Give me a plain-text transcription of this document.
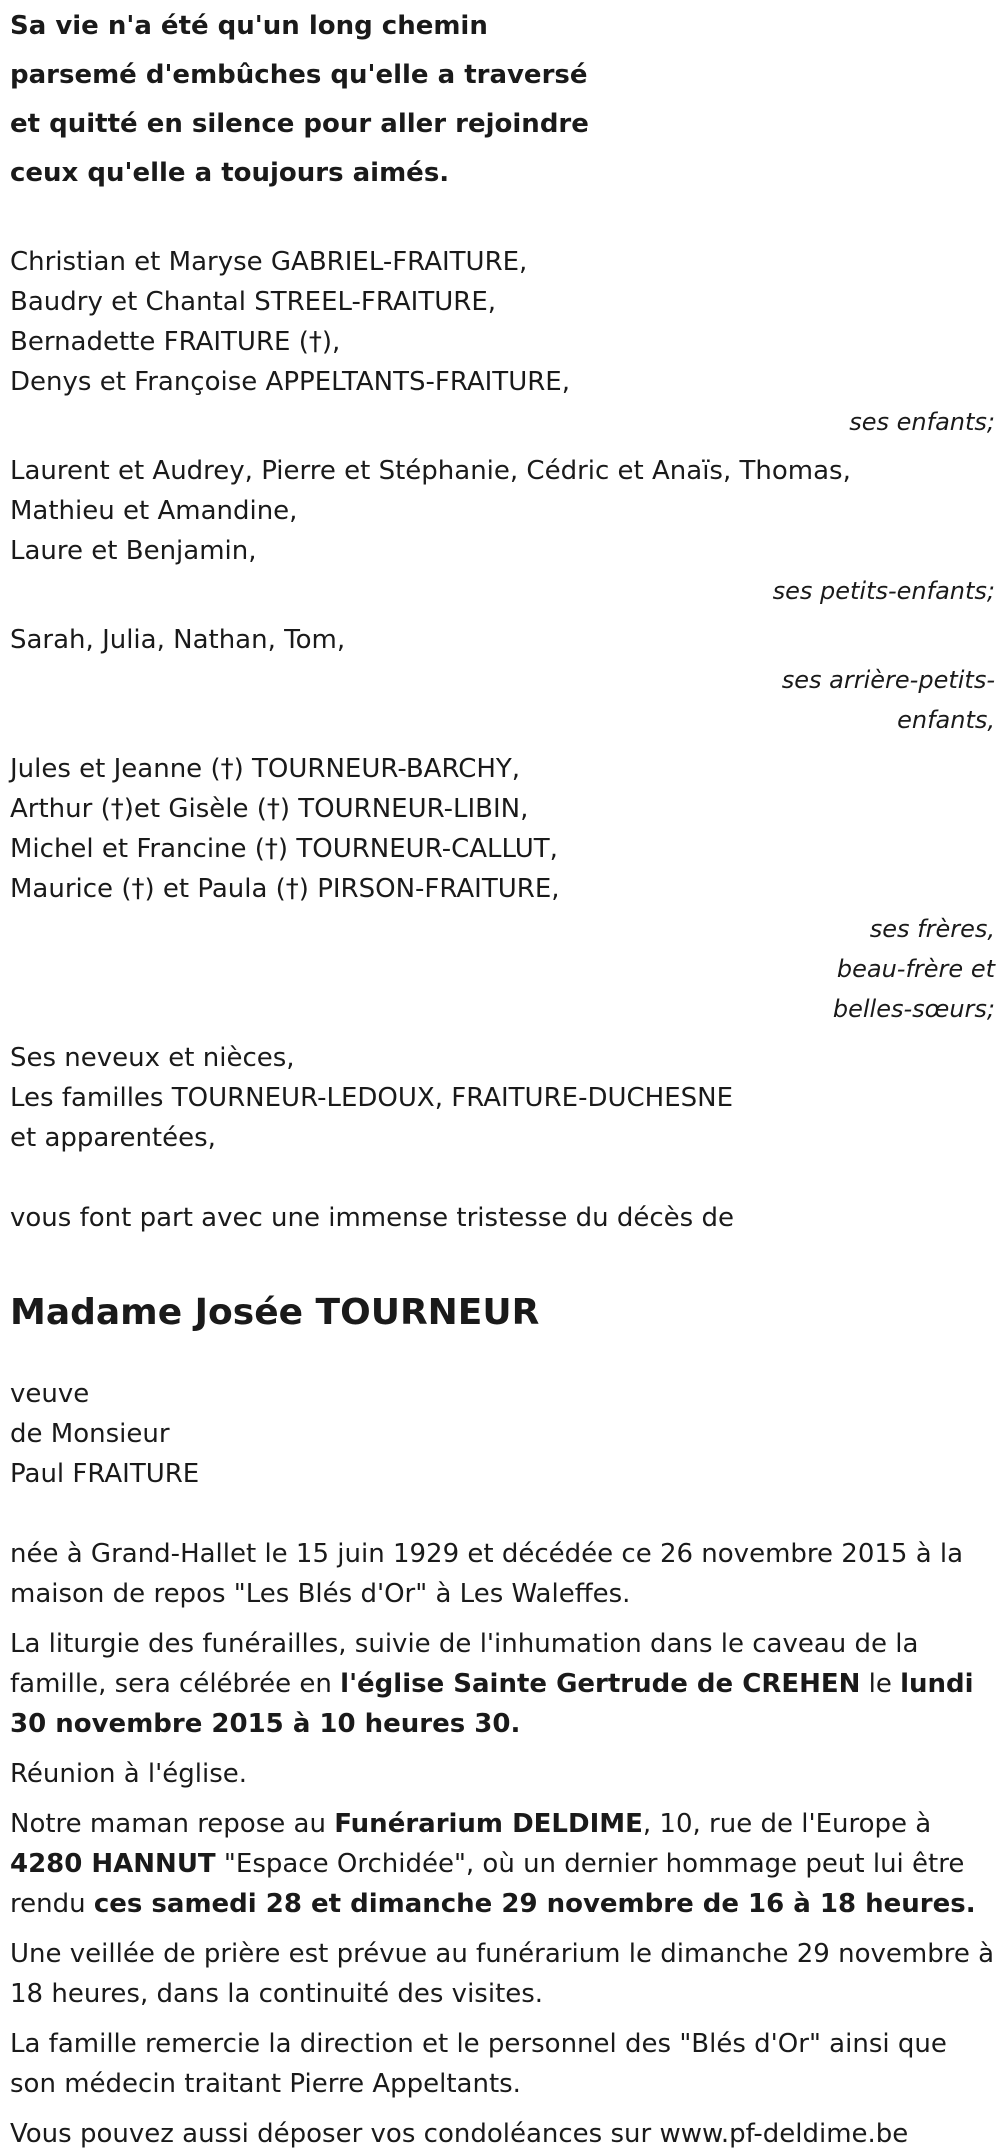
Sa vie n'a été qu'un long chemin
parsemé d'embûches qu'elle a traversé
et quitté en silence pour aller rejoindre
ceux qu'elle a toujours aimés.
Christian et Maryse GABRIEL-FRAITURE,
Baudry et Chantal STREEL-FRAITURE,
Bernadette FRAITURE (†),
Denys et Françoise APPELTANTS-FRAITURE,
ses enfants;
Laurent et Audrey, Pierre et Stéphanie, Cédric et Anaïs, Thomas,
Mathieu et Amandine,
Laure et Benjamin,
ses petits-enfants;
Sarah, Julia, Nathan, Tom,
ses arrière-petits-
enfants,
Jules et Jeanne (†) TOURNEUR-BARCHY,
Arthur (†)et Gisèle (†) TOURNEUR-LIBIN,
Michel et Francine (†) TOURNEUR-CALLUT,
Maurice (†) et Paula (†) PIRSON-FRAITURE,
ses frères,
beau-frère et
belles-sœurs;
Ses neveux et nièces,
Les familles TOURNEUR-LEDOUX, FRAITURE-DUCHESNE
et apparentées,
vous font part avec une immense tristesse du décès de
Madame Josée TOURNEUR
veuve
de Monsieur
Paul FRAITURE
née à Grand-Hallet le 15 juin 1929 et décédée ce 26 novembre 2015 à la maison de repos "Les Blés d'Or" à Les Waleffes.
La liturgie des funérailles, suivie de l'inhumation dans le caveau de la famille, sera célébrée en l'église Sainte Gertrude de CREHEN le lundi 30 novembre 2015 à 10 heures 30.
Réunion à l'église.
Notre maman repose au Funérarium DELDIME, 10, rue de l'Europe à 4280 HANNUT "Espace Orchidée", où un dernier hommage peut lui être rendu ces samedi 28 et dimanche 29 novembre de 16 à 18 heures.
Une veillée de prière est prévue au funérarium le dimanche 29 novembre à 18 heures, dans la continuité des visites.
La famille remercie la direction et le personnel des "Blés d'Or" ainsi que son médecin traitant Pierre Appeltants.
Vous pouvez aussi déposer vos condoléances sur www.pf-deldime.be
